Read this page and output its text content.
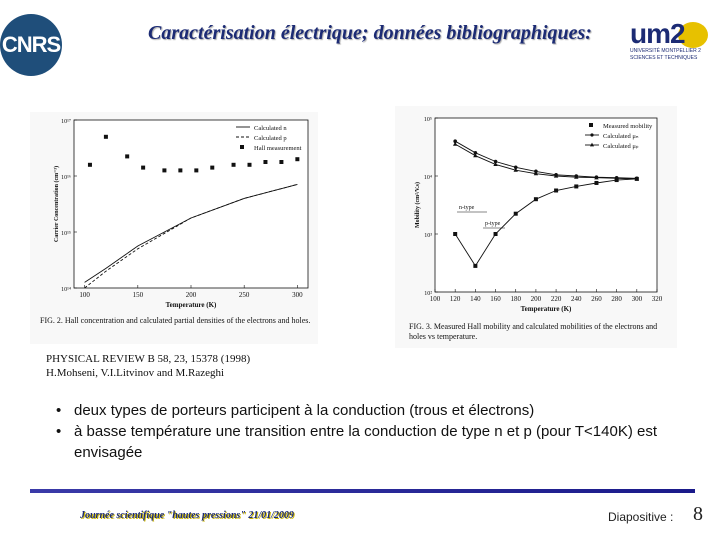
CNRS	Caractérisation électrique; données bibliographiques:	um2
UNIVERSITÉ MONTPELLIER 2 SCIENCES ET TECHNIQUES
100	150	200	250	300
10¹⁷
10¹⁶
10¹⁵
10¹⁴
Temperature (K)
Carrier Concentration (cm⁻³)
Calculated n
Calculated p
Hall measurement
FIG. 2. Hall concentration and calculated partial densities of the electrons and holes.
100 120 140 160 180 200 220 240 260 280 300 320
10⁵
10⁴
10³
10²
Temperature (K)
Mobility (cm²/V.s)
Measured mobility
Calculated μₙ
Calculated μₚ
n-type
p-type
FIG. 3. Measured Hall mobility and calculated mobilities of the electrons and holes vs temperature.
PHYSICAL REVIEW B 58, 23, 15378 (1998)
H.Mohseni, V.I.Litvinov and M.Razeghi
• deux types de porteurs participent à la conduction (trous et électrons)
• à basse température une transition entre la conduction de type n et p (pour T<140K) est envisagée
Journée scientifique "hautes pressions" 21/01/2009	Diapositive : 8
